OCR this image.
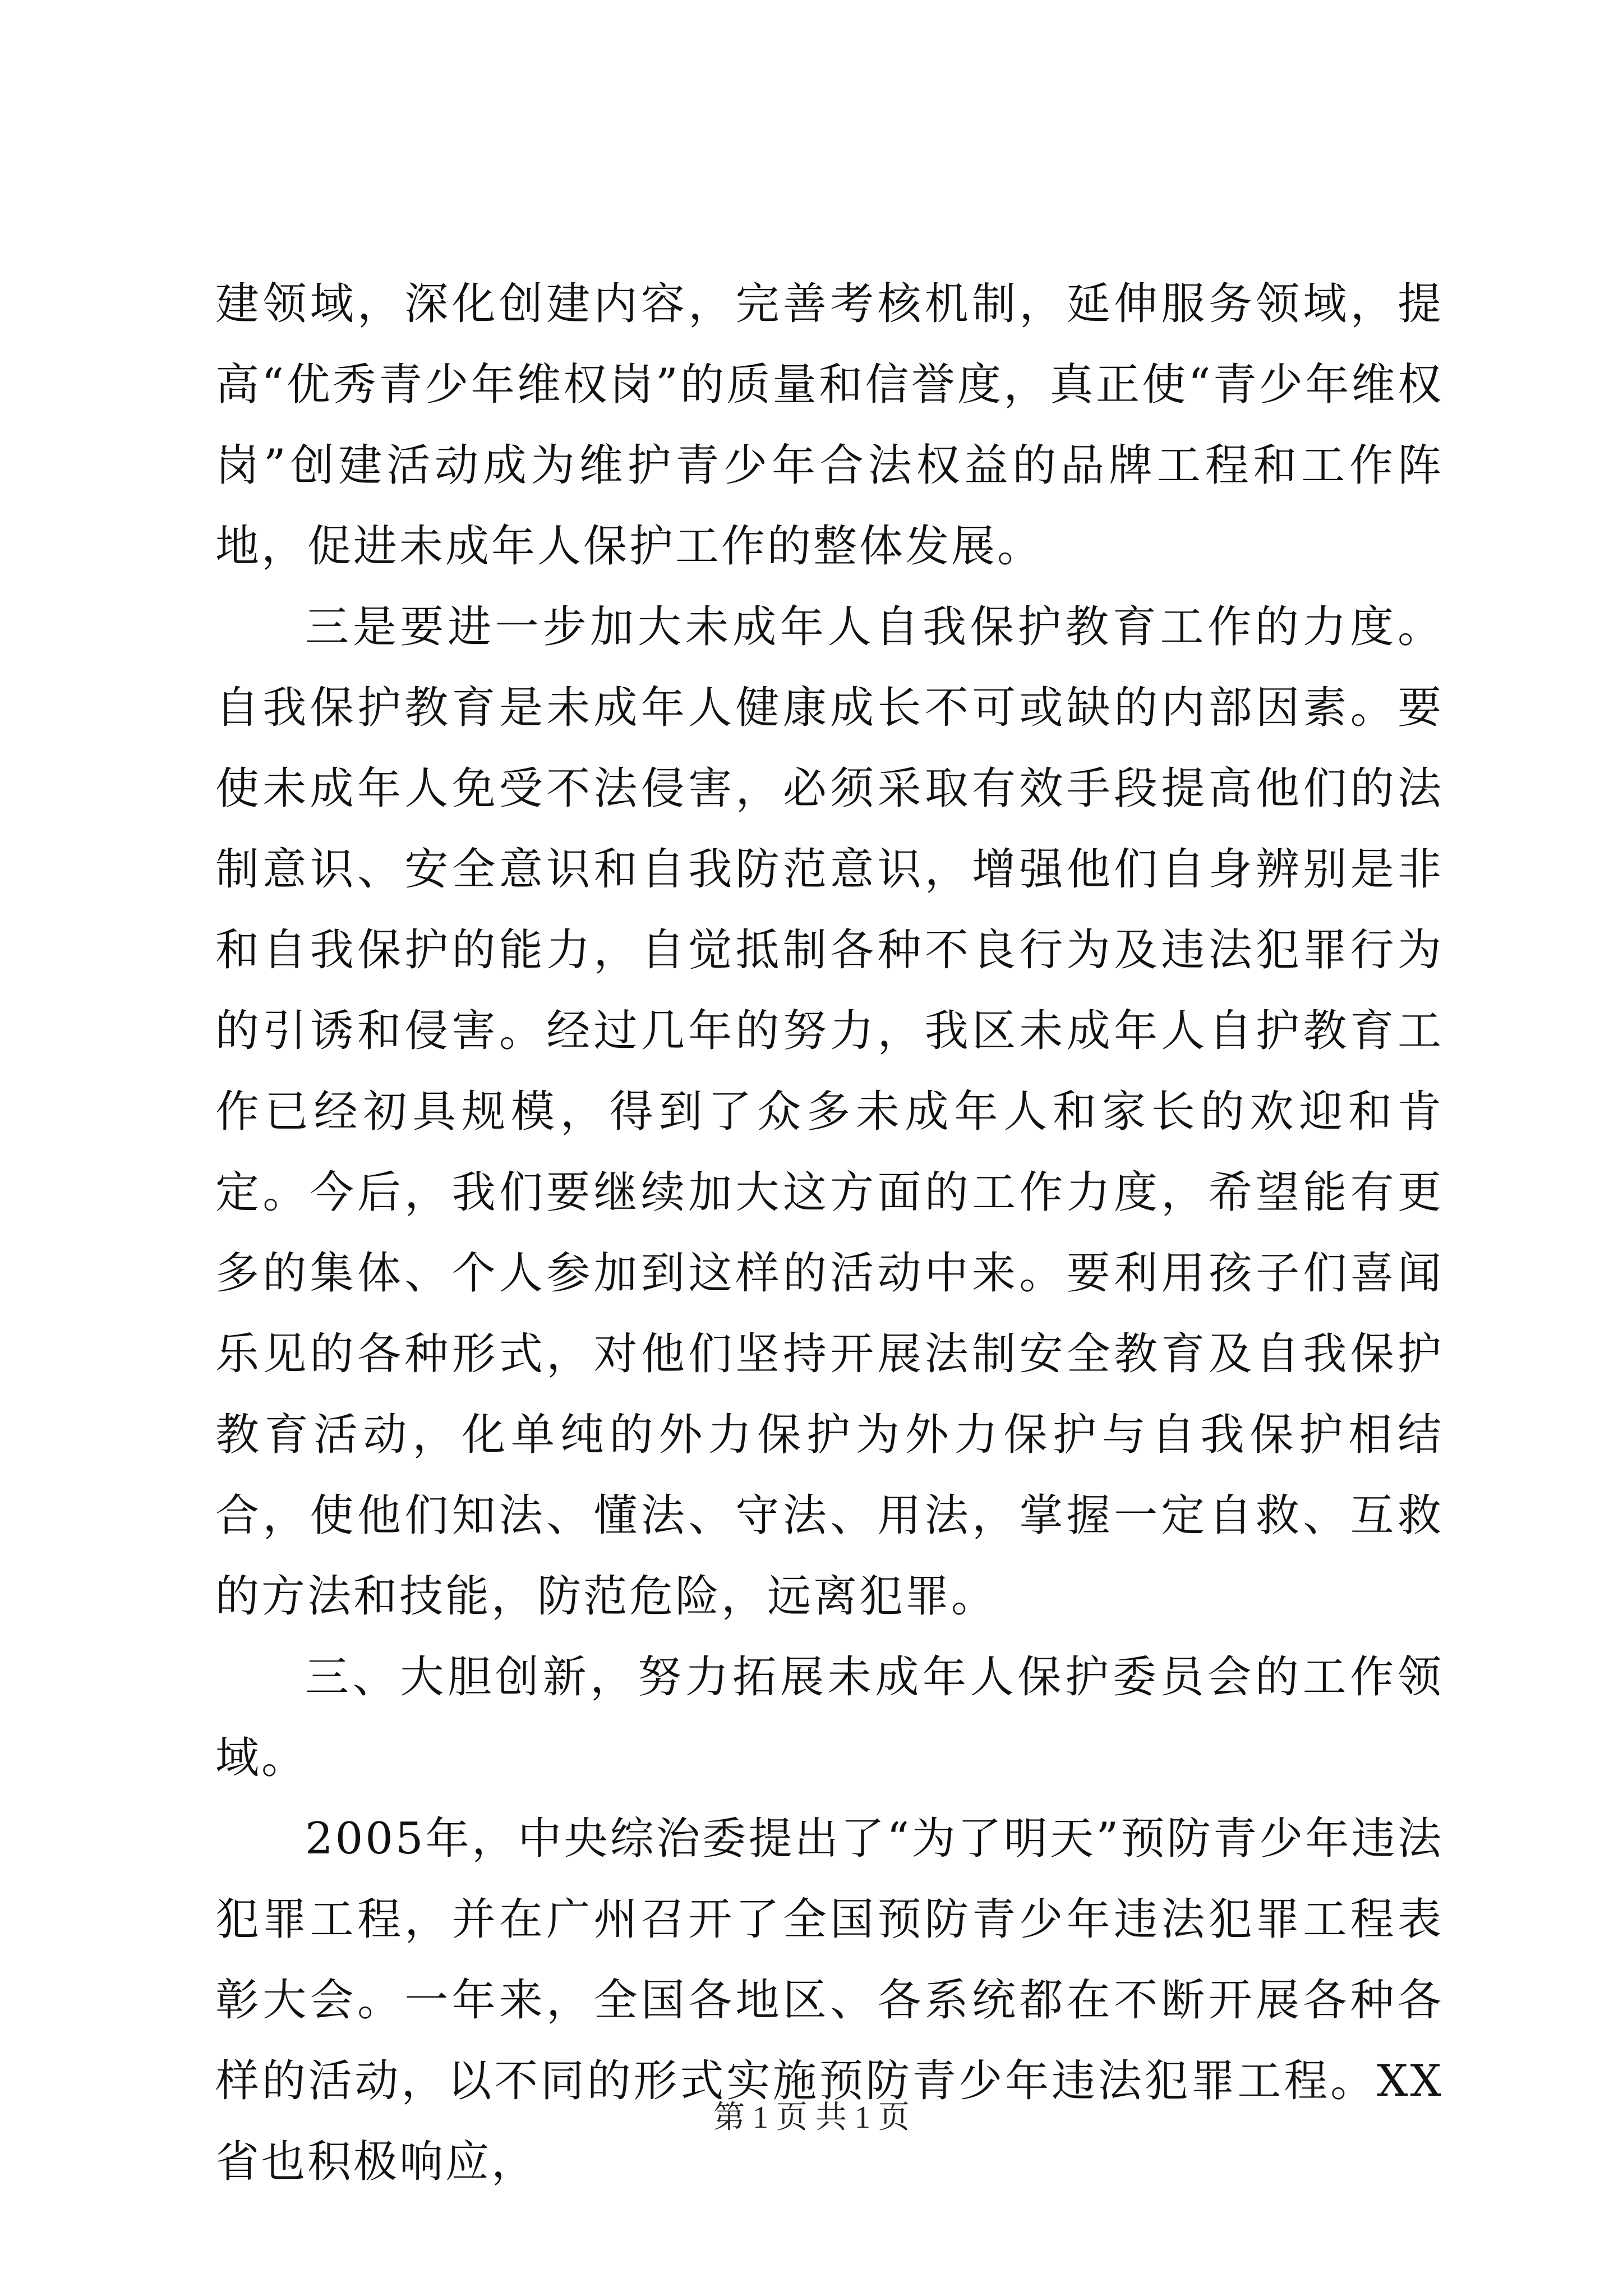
建领域，深化创建内容，完善考核机制，延伸服务领域，提高“优秀青少年维权岗”的质量和信誉度，真正使“青少年维权岗”创建活动成为维护青少年合法权益的品牌工程和工作阵地，促进未成年人保护工作的整体发展。

三是要进一步加大未成年人自我保护教育工作的力度。自我保护教育是未成年人健康成长不可或缺的内部因素。要使未成年人免受不法侵害，必须采取有效手段提高他们的法制意识、安全意识和自我防范意识，增强他们自身辨别是非和自我保护的能力，自觉抵制各种不良行为及违法犯罪行为的引诱和侵害。经过几年的努力，我区未成年人自护教育工作已经初具规模，得到了众多未成年人和家长的欢迎和肯定。今后，我们要继续加大这方面的工作力度，希望能有更多的集体、个人参加到这样的活动中来。要利用孩子们喜闻乐见的各种形式，对他们坚持开展法制安全教育及自我保护教育活动，化单纯的外力保护为外力保护与自我保护相结合，使他们知法、懂法、守法、用法，掌握一定自救、互救的方法和技能，防范危险，远离犯罪。

三、大胆创新，努力拓展未成年人保护委员会的工作领域。

2005年，中央综治委提出了“为了明天”预防青少年违法犯罪工程，并在广州召开了全国预防青少年违法犯罪工程表彰大会。一年来，全国各地区、各系统都在不断开展各种各样的活动，以不同的形式实施预防青少年违法犯罪工程。XX省也积极响应，

第 1 页 共 1 页
